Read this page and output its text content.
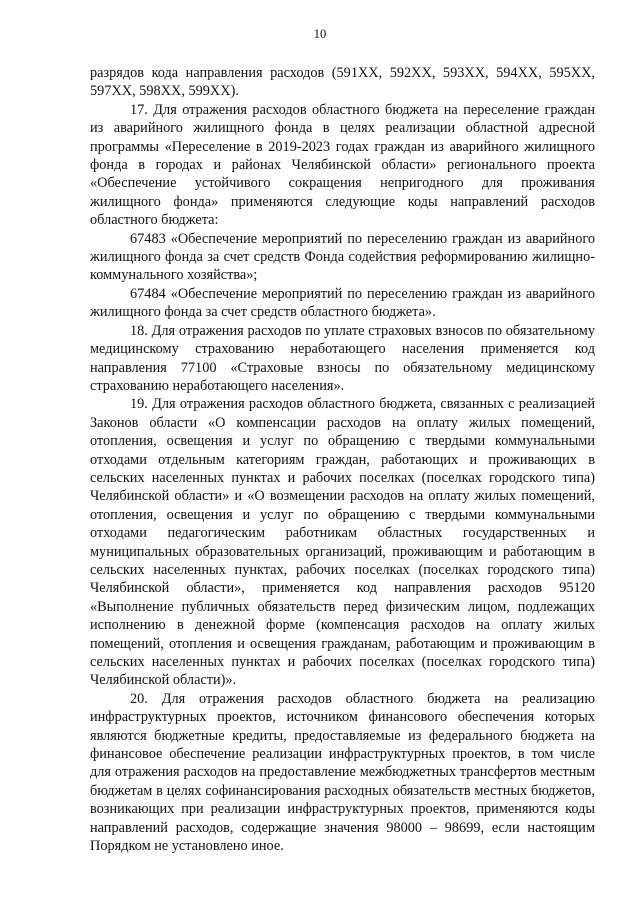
10

разрядов кода направления расходов (591ХХ, 592ХХ, 593ХХ, 594ХХ, 595ХХ, 597ХХ, 598ХХ, 599ХХ).

17. Для отражения расходов областного бюджета на переселение граждан из аварийного жилищного фонда в целях реализации областной адресной программы «Переселение в 2019-2023 годах граждан из аварийного жилищного фонда в городах и районах Челябинской области» регионального проекта «Обеспечение устойчивого сокращения непригодного для проживания жилищного фонда» применяются следующие коды направлений расходов областного бюджета:

67483 «Обеспечение мероприятий по переселению граждан из аварийного жилищного фонда за счет средств Фонда содействия реформированию жилищно-коммунального хозяйства»;

67484 «Обеспечение мероприятий по переселению граждан из аварийного жилищного фонда за счет средств областного бюджета».

18. Для отражения расходов по уплате страховых взносов по обязательному медицинскому страхованию неработающего населения применяется код направления 77100 «Страховые взносы по обязательному медицинскому страхованию неработающего населения».

19. Для отражения расходов областного бюджета, связанных с реализацией Законов области «О компенсации расходов на оплату жилых помещений, отопления, освещения и услуг по обращению с твердыми коммунальными отходами отдельным категориям граждан, работающих и проживающих в сельских населенных пунктах и рабочих поселках (поселках городского типа) Челябинской области» и «О возмещении расходов на оплату жилых помещений, отопления, освещения и услуг по обращению с твердыми коммунальными отходами педагогическим работникам областных государственных и муниципальных образовательных организаций, проживающим и работающим в сельских населенных пунктах, рабочих поселках (поселках городского типа) Челябинской области», применяется код направления расходов 95120 «Выполнение публичных обязательств перед физическим лицом, подлежащих исполнению в денежной форме (компенсация расходов на оплату жилых помещений, отопления и освещения гражданам, работающим и проживающим в сельских населенных пунктах и рабочих поселках (поселках городского типа) Челябинской области)».

20. Для отражения расходов областного бюджета на реализацию инфраструктурных проектов, источником финансового обеспечения которых являются бюджетные кредиты, предоставляемые из федерального бюджета на финансовое обеспечение реализации инфраструктурных проектов, в том числе для отражения расходов на предоставление межбюджетных трансфертов местным бюджетам в целях софинансирования расходных обязательств местных бюджетов, возникающих при реализации инфраструктурных проектов, применяются коды направлений расходов, содержащие значения 98000 – 98699, если настоящим Порядком не установлено иное.
